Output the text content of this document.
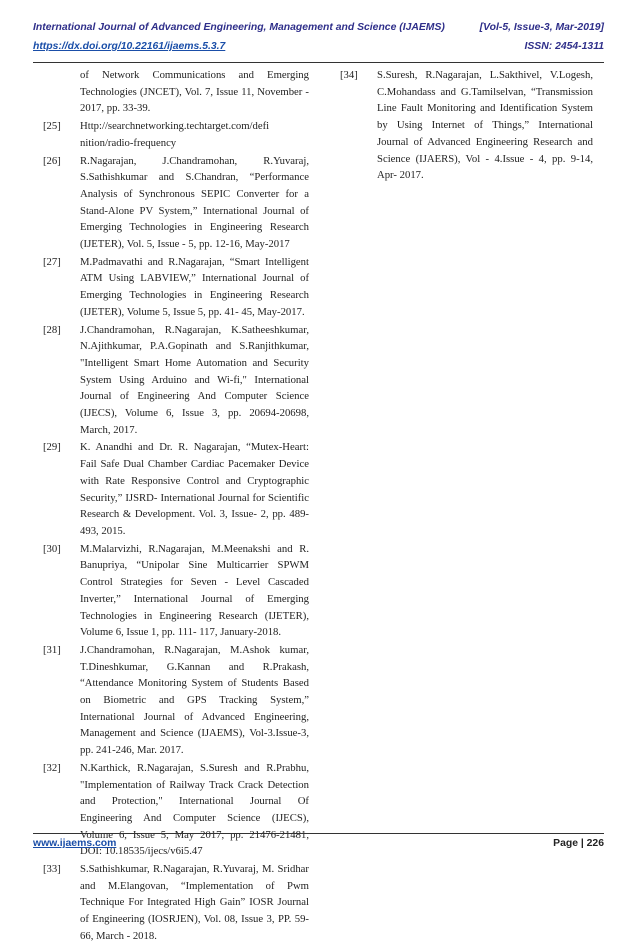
International Journal of Advanced Engineering, Management and Science (IJAEMS)	[Vol-5, Issue-3, Mar-2019]
https://dx.doi.org/10.22161/ijaems.5.3.7	ISSN: 2454-1311
of Network Communications and Emerging Technologies (JNCET), Vol. 7, Issue 11, November - 2017, pp. 33-39.
[25]	Http://searchnetworking.techtarget.com/defi nition/radio-frequency
[26]	R.Nagarajan, J.Chandramohan, R.Yuvaraj, S.Sathishkumar and S.Chandran, “Performance Analysis of Synchronous SEPIC Converter for a Stand-Alone PV System,” International Journal of Emerging Technologies in Engineering Research (IJETER), Vol. 5, Issue - 5, pp. 12-16, May-2017
[27]	M.Padmavathi and R.Nagarajan, “Smart Intelligent ATM Using LABVIEW,” International Journal of Emerging Technologies in Engineering Research (IJETER), Volume 5, Issue 5, pp. 41- 45, May-2017.
[28]	J.Chandramohan, R.Nagarajan, K.Satheeshkumar, N.Ajithkumar, P.A.Gopinath and S.Ranjithkumar, "Intelligent Smart Home Automation and Security System Using Arduino and Wi-fi," International Journal of Engineering And Computer Science (IJECS), Volume 6, Issue 3, pp. 20694-20698, March, 2017.
[29]	K. Anandhi and Dr. R. Nagarajan, “Mutex-Heart: Fail Safe Dual Chamber Cardiac Pacemaker Device with Rate Responsive Control and Cryptographic Security,” IJSRD- International Journal for Scientific Research & Development. Vol. 3, Issue- 2, pp. 489-493, 2015.
[30]	M.Malarvizhi, R.Nagarajan, M.Meenakshi and R. Banupriya, “Unipolar Sine Multicarrier SPWM Control Strategies for Seven - Level Cascaded Inverter,” International Journal of Emerging Technologies in Engineering Research (IJETER), Volume 6, Issue 1, pp. 111- 117, January-2018.
[31]	J.Chandramohan, R.Nagarajan, M.Ashok kumar, T.Dineshkumar, G.Kannan and R.Prakash, “Attendance Monitoring System of Students Based on Biometric and GPS Tracking System,” International Journal of Advanced Engineering, Management and Science (IJAEMS), Vol-3.Issue-3, pp. 241-246, Mar. 2017.
[32]	N.Karthick, R.Nagarajan, S.Suresh and R.Prabhu, "Implementation of Railway Track Crack Detection and Protection," International Journal Of Engineering And Computer Science (IJECS), Volume 6, Issue 5, May 2017, pp. 21476-21481, DOI: 10.18535/ijecs/v6i5.47
[33]	S.Sathishkumar, R.Nagarajan, R.Yuvaraj, M. Sridhar and M.Elangovan, “Implementation of Pwm Technique For Integrated High Gain” IOSR Journal of Engineering (IOSRJEN), Vol. 08, Issue 3, PP. 59-66, March - 2018.
[34]	S.Suresh, R.Nagarajan, L.Sakthivel, V.Logesh, C.Mohandass and G.Tamilselvan, “Transmission Line Fault Monitoring and Identification System by Using Internet of Things,” International Journal of Advanced Engineering Research and Science (IJAERS), Vol - 4.Issue - 4, pp. 9-14, Apr- 2017.
www.ijaems.com	Page | 226
